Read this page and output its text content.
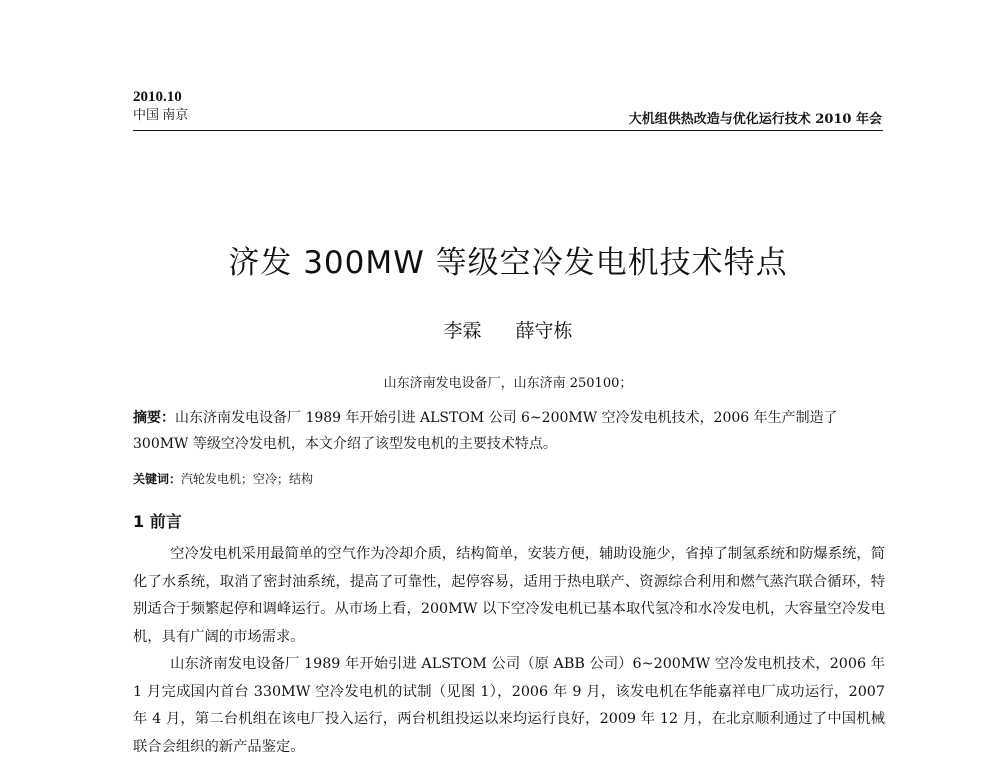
2010.10
中国 南京	大机组供热改造与优化运行技术 2010 年会
济发 300MW 等级空冷发电机技术特点
李霖 薛守栋
山东济南发电设备厂，山东济南 250100；
摘要：山东济南发电设备厂 1989 年开始引进 ALSTOM 公司 6~200MW 空冷发电机技术，2006 年生产制造了 300MW 等级空冷发电机，本文介绍了该型发电机的主要技术特点。
关键词：汽轮发电机；空冷；结构
1 前言

空冷发电机采用最简单的空气作为冷却介质，结构简单，安装方便，辅助设施少，省掉了制氢系统和防爆系统，简化了水系统，取消了密封油系统，提高了可靠性，起停容易，适用于热电联产、资源综合利用和燃气蒸汽联合循环，特别适合于频繁起停和调峰运行。从市场上看，200MW 以下空冷发电机已基本取代氢冷和水冷发电机，大容量空冷发电机，具有广阔的市场需求。

山东济南发电设备厂 1989 年开始引进 ALSTOM 公司（原 ABB 公司）6~200MW 空冷发电机技术，2006 年 1 月完成国内首台 330MW 空冷发电机的试制（见图 1），2006 年 9 月，该发电机在华能嘉祥电厂成功运行，2007 年 4 月，第二台机组在该电厂投入运行，两台机组投运以来均运行良好，2009 年 12 月，在北京顺利通过了中国机械联合会组织的新产品鉴定。
